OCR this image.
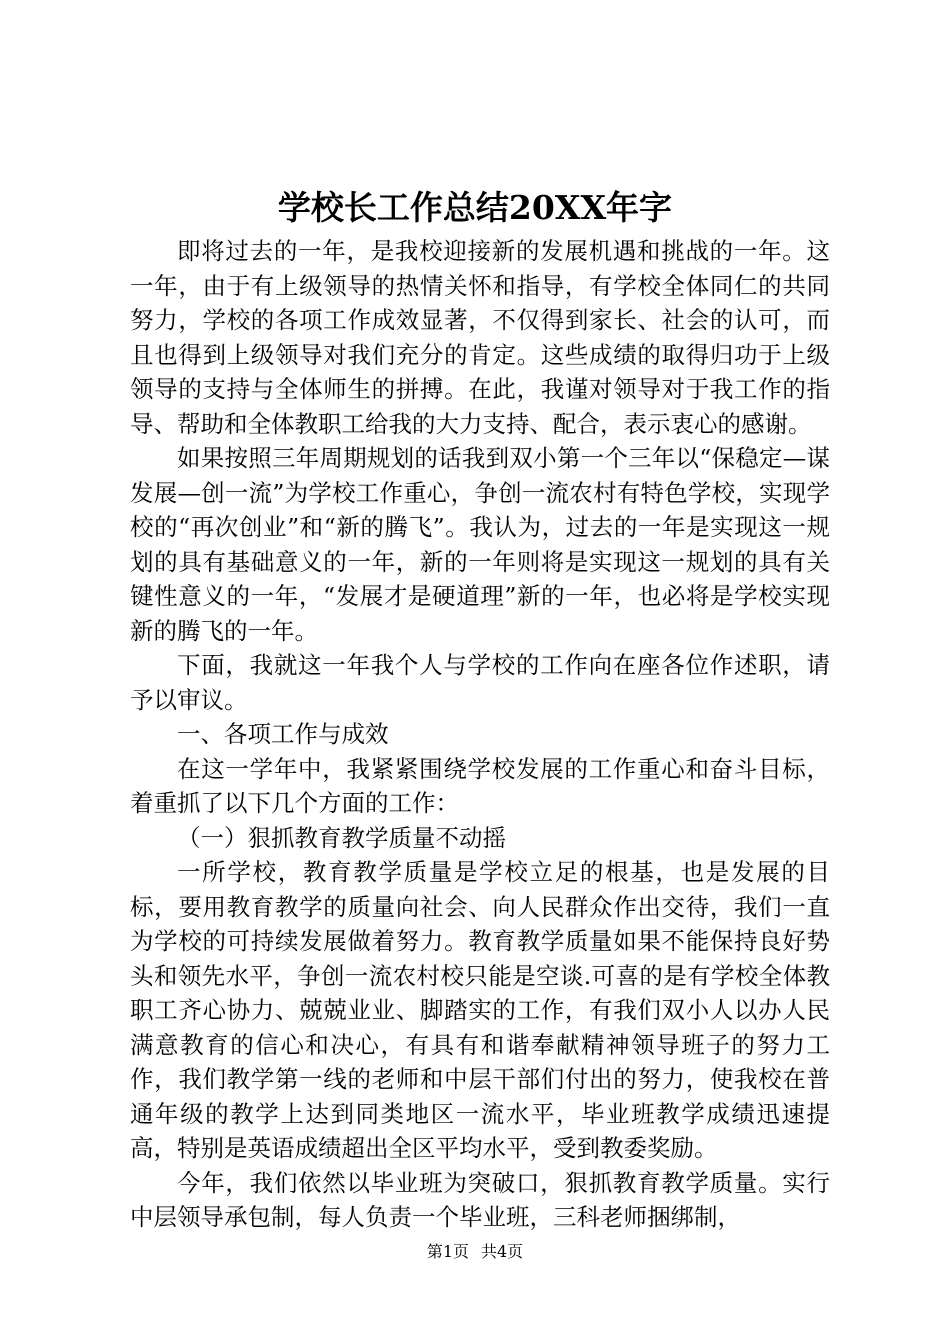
学校长工作总结20XX年字

即将过去的一年，是我校迎接新的发展机遇和挑战的一年。这一年，由于有上级领导的热情关怀和指导，有学校全体同仁的共同努力，学校的各项工作成效显著，不仅得到家长、社会的认可，而且也得到上级领导对我们充分的肯定。这些成绩的取得归功于上级领导的支持与全体师生的拼搏。在此，我谨对领导对于我工作的指导、帮助和全体教职工给我的大力支持、配合，表示衷心的感谢。

如果按照三年周期规划的话我到双小第一个三年以“保稳定—谋发展—创一流”为学校工作重心，争创一流农村有特色学校，实现学校的“再次创业”和“新的腾飞”。我认为，过去的一年是实现这一规划的具有基础意义的一年，新的一年则将是实现这一规划的具有关键性意义的一年，“发展才是硬道理”新的一年，也必将是学校实现新的腾飞的一年。

下面，我就这一年我个人与学校的工作向在座各位作述职，请予以审议。

一、各项工作与成效

在这一学年中，我紧紧围绕学校发展的工作重心和奋斗目标，着重抓了以下几个方面的工作：

（一）狠抓教育教学质量不动摇

一所学校，教育教学质量是学校立足的根基，也是发展的目标，要用教育教学的质量向社会、向人民群众作出交待，我们一直为学校的可持续发展做着努力。教育教学质量如果不能保持良好势头和领先水平，争创一流农村校只能是空谈.可喜的是有学校全体教职工齐心协力、兢兢业业、脚踏实的工作，有我们双小人以办人民满意教育的信心和决心，有具有和谐奉献精神领导班子的努力工作，我们教学第一线的老师和中层干部们付出的努力，使我校在普通年级的教学上达到同类地区一流水平，毕业班教学成绩迅速提高，特别是英语成绩超出全区平均水平，受到教委奖励。

今年，我们依然以毕业班为突破口，狠抓教育教学质量。实行中层领导承包制，每人负责一个毕业班，三科老师捆绑制，

第1页 共4页
